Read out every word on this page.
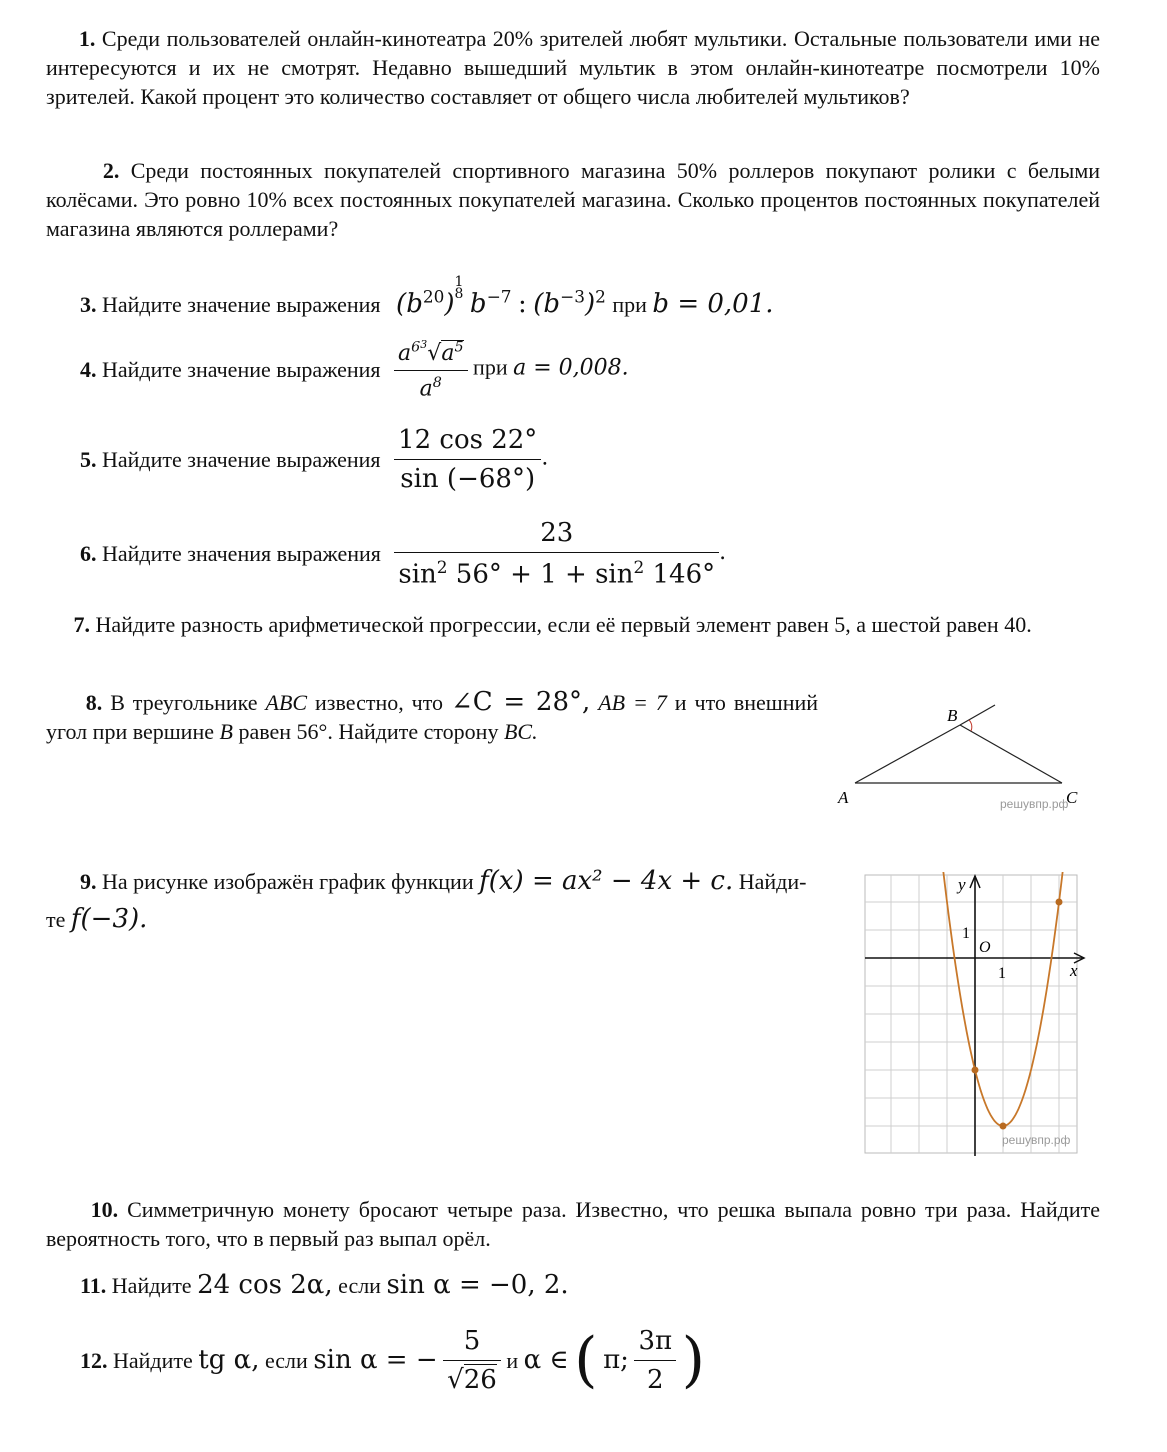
1. Среди пользователей онлайн-кинотеатра 20% зрителей любят мультики. Остальные пользователи ими не интересуются и их не смотрят. Недавно вышедший мультик в этом онлайн-кинотеатре посмотрели 10% зрителей. Какой процент это количество составляет от общего числа любителей мультиков?
2. Среди постоянных покупателей спортивного магазина 50% роллеров покупают ролики с белыми колёсами. Это ровно 10% всех постоянных покупателей магазина. Сколько процентов постоянных покупателей магазина являются роллерами?
3. Найдите значение выражения $(b^{20})^{1 8}$ $b^{-7}$ : $(b^{-3})^2$ при b = 0,01.
4. Найдите значение выражения $\frac{a^{63}√a^5}{a^8}$ при a = 0,008.
5. Найдите значение выражения $\frac{12 \cos 22^\circ}{\sin (-68^\circ)}$ .
6. Найдите значения выражения $\frac{23}{\sin^2 56^\circ + 1 + \sin^2 146^\circ}$ .
7. Найдите разность арифметической прогрессии, если её первый элемент равен 5, а шестой равен 40.
8. В треугольнике ABC известно, что ∠C = 28°, AB = 7 и что внешний угол при вершине B равен 56°. Найдите сторону BC.
B
A	C
решувпр.рф
9. На рисунке изображён график функции f(x) = ax² − 4x + c. Найди-
те f(−3).
y
x
O
1
1
решувпр.рф
10. Симметричную монету бросают четыре раза. Известно, что решка выпала ровно три раза. Найдите вероятность того, что в первый раз выпал орёл.
11. Найдите 24 cos 2α, если sin α = −0, 2.
12. Найдите tg α, если sin α = − $\frac{5}{√26}$ и α ∈ ( π; $\frac{3\pi}{2}$ )
